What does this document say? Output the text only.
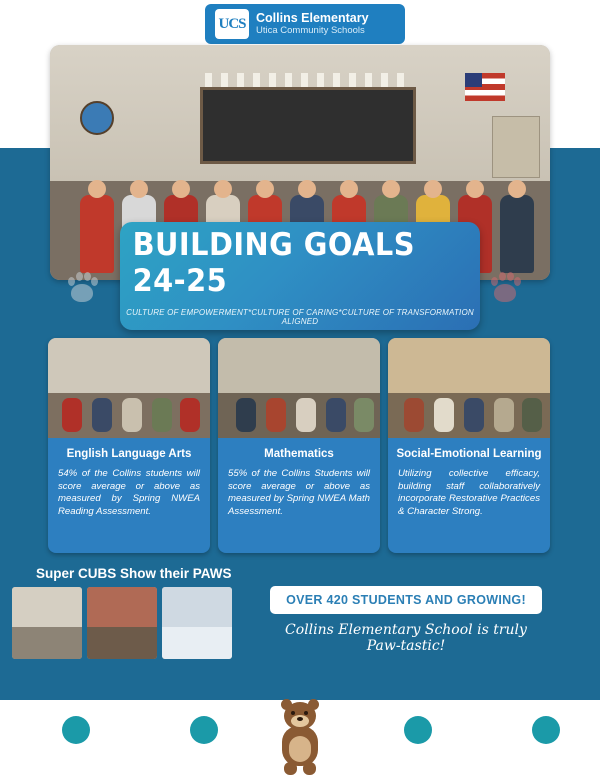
UCS Collins Elementary
Utica Community Schools
BUILDING GOALS 24-25
CULTURE OF EMPOWERMENT*CULTURE OF CARING*CULTURE OF TRANSFORMATION ALIGNED
English Language Arts
54% of the Collins students will score average or above as measured by Spring NWEA Reading Assessment.
Mathematics
55% of the Collins Students will score average or above as measured by Spring NWEA Math Assessment.
Social-Emotional Learning
Utilizing collective efficacy, building staff collaboratively incorporate Restorative Practices & Character Strong.
Super CUBS Show their PAWS
OVER 420 STUDENTS AND GROWING!
Collins Elementary School is truly Paw-tastic!
